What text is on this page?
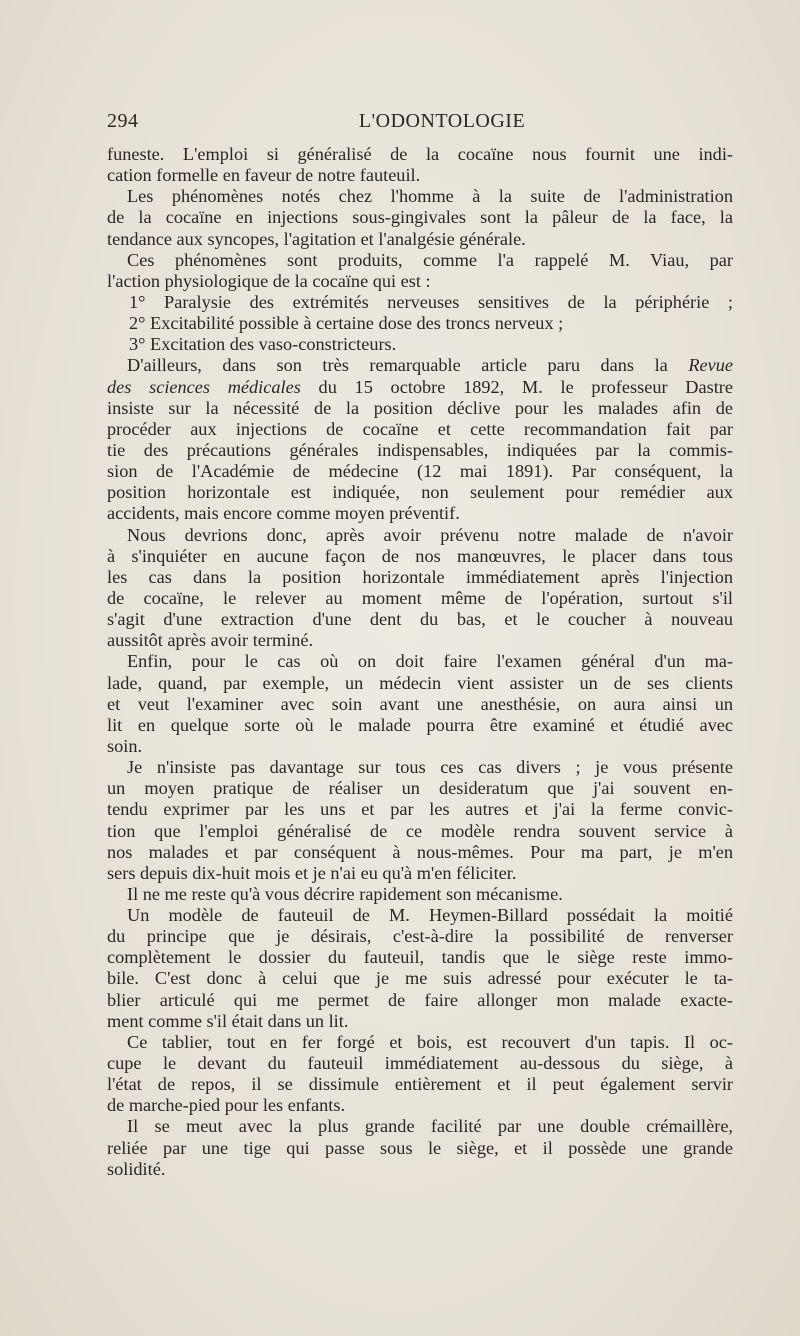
294	L'ODONTOLOGIE
funeste. L'emploi si généralisé de la cocaïne nous fournit une indi-
cation formelle en faveur de notre fauteuil.
Les phénomènes notés chez l'homme à la suite de l'administration
de la cocaïne en injections sous-gingivales sont la pâleur de la face, la
tendance aux syncopes, l'agitation et l'analgésie générale.
Ces phénomènes sont produits, comme l'a rappelé M. Viau, par
l'action physiologique de la cocaïne qui est :
1° Paralysie des extrémités nerveuses sensitives de la périphérie ;
2° Excitabilité possible à certaine dose des troncs nerveux ;
3° Excitation des vaso-constricteurs.
D'ailleurs, dans son très remarquable article paru dans la Revue
des sciences médicales du 15 octobre 1892, M. le professeur Dastre
insiste sur la nécessité de la position déclive pour les malades afin de
procéder aux injections de cocaïne et cette recommandation fait par
tie des précautions générales indispensables, indiquées par la commis-
sion de l'Académie de médecine (12 mai 1891). Par conséquent, la
position horizontale est indiquée, non seulement pour remédier aux
accidents, mais encore comme moyen préventif.
Nous devrions donc, après avoir prévenu notre malade de n'avoir
à s'inquiéter en aucune façon de nos manœuvres, le placer dans tous
les cas dans la position horizontale immédiatement après l'injection
de cocaïne, le relever au moment même de l'opération, surtout s'il
s'agit d'une extraction d'une dent du bas, et le coucher à nouveau
aussitôt après avoir terminé.
Enfin, pour le cas où on doit faire l'examen général d'un ma-
lade, quand, par exemple, un médecin vient assister un de ses clients
et veut l'examiner avec soin avant une anesthésie, on aura ainsi un
lit en quelque sorte où le malade pourra être examiné et étudié avec
soin.
Je n'insiste pas davantage sur tous ces cas divers ; je vous présente
un moyen pratique de réaliser un desideratum que j'ai souvent en-
tendu exprimer par les uns et par les autres et j'ai la ferme convic-
tion que l'emploi généralisé de ce modèle rendra souvent service à
nos malades et par conséquent à nous-mêmes. Pour ma part, je m'en
sers depuis dix-huit mois et je n'ai eu qu'à m'en féliciter.
Il ne me reste qu'à vous décrire rapidement son mécanisme.
Un modèle de fauteuil de M. Heymen-Billard possédait la moitié
du principe que je désirais, c'est-à-dire la possibilité de renverser
complètement le dossier du fauteuil, tandis que le siège reste immo-
bile. C'est donc à celui que je me suis adressé pour exécuter le ta-
blier articulé qui me permet de faire allonger mon malade exacte-
ment comme s'il était dans un lit.
Ce tablier, tout en fer forgé et bois, est recouvert d'un tapis. Il oc-
cupe le devant du fauteuil immédiatement au-dessous du siège, à
l'état de repos, il se dissimule entièrement et il peut également servir
de marche-pied pour les enfants.
Il se meut avec la plus grande facilité par une double crémaillère,
reliée par une tige qui passe sous le siège, et il possède une grande
solidité.
